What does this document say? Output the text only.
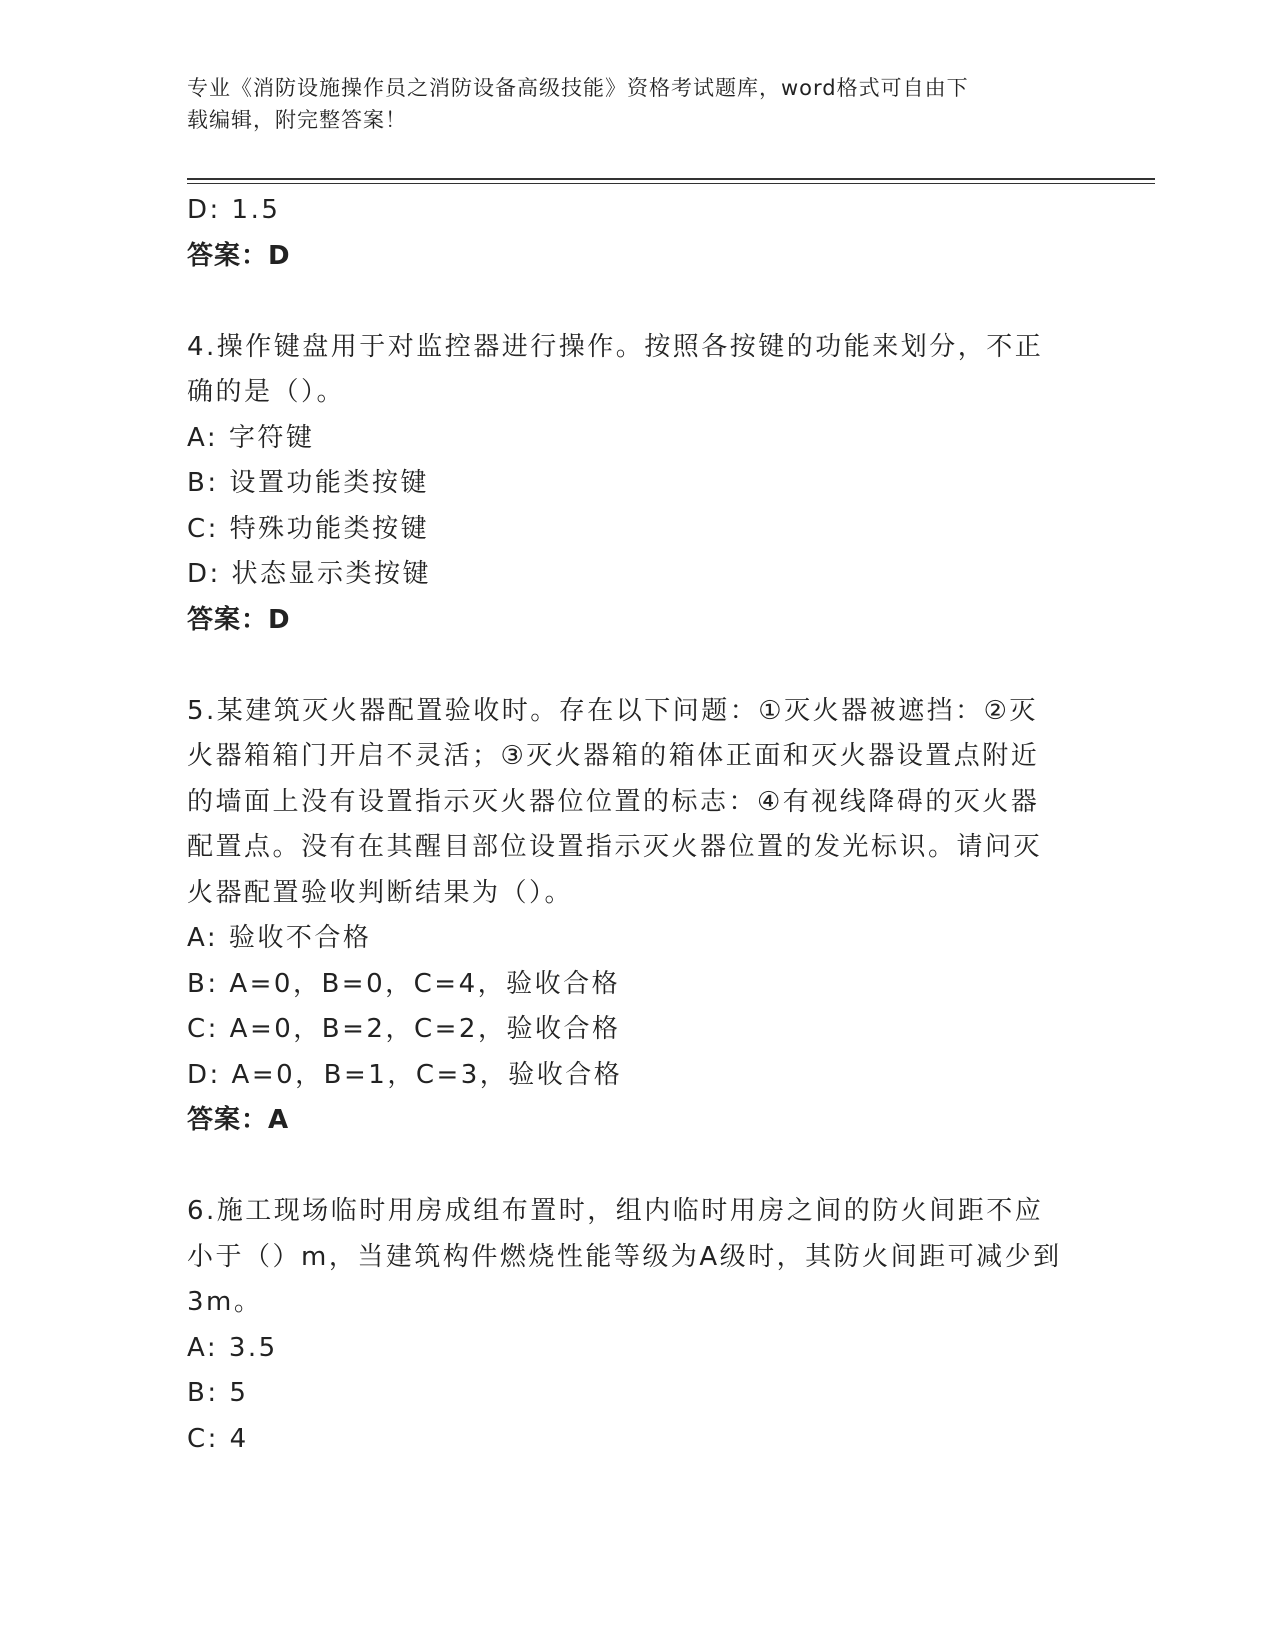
专业《消防设施操作员之消防设备高级技能》资格考试题库，word格式可自由下
载编辑，附完整答案！
D: 1.5
答案：D
4.操作键盘用于对监控器进行操作。按照各按键的功能来划分，不正
确的是（）。
A: 字符键
B: 设置功能类按键
C: 特殊功能类按键
D: 状态显示类按键
答案：D
5.某建筑灭火器配置验收时。存在以下问题：①灭火器被遮挡：②灭
火器箱箱门开启不灵活；③灭火器箱的箱体正面和灭火器设置点附近
的墙面上没有设置指示灭火器位位置的标志：④有视线降碍的灭火器
配置点。没有在其醒目部位设置指示灭火器位置的发光标识。请问灭
火器配置验收判断结果为（）。
A: 验收不合格
B: A=0，B=0，C=4，验收合格
C: A=0，B=2，C=2，验收合格
D: A=0，B=1，C=3，验收合格
答案：A
6.施工现场临时用房成组布置时，组内临时用房之间的防火间距不应
小于（）m，当建筑构件燃烧性能等级为A级时，其防火间距可减少到
3m。
A: 3.5
B: 5
C: 4
